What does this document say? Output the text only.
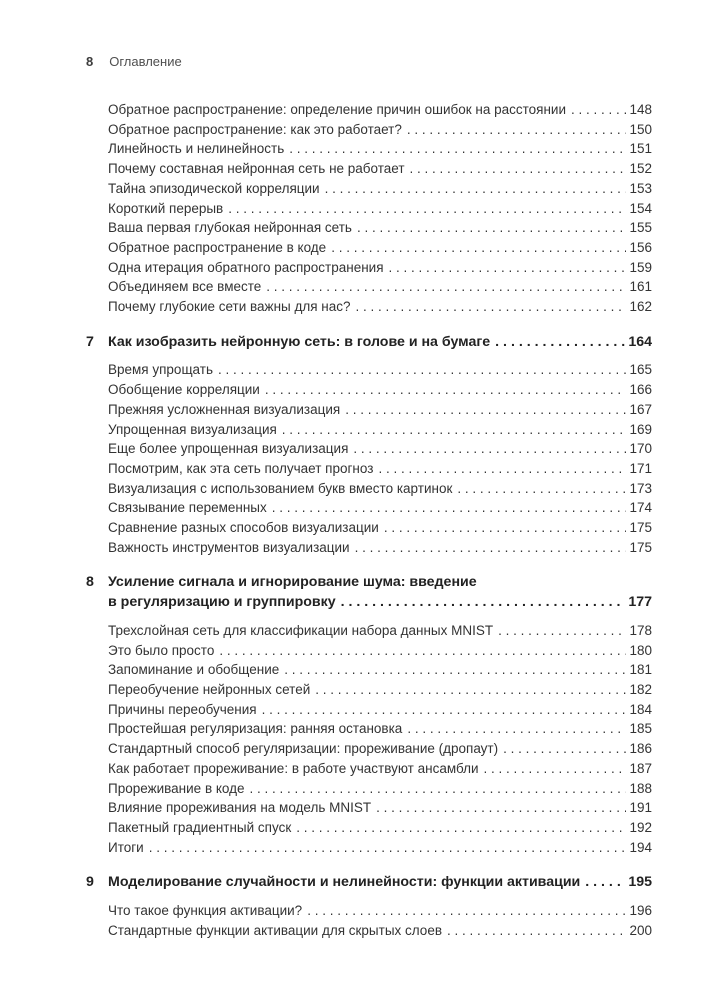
8 Оглавление
Обратное распространение: определение причин ошибок на расстоянии . . .	148
Обратное распространение: как это работает? . . .	150
Линейность и нелинейность . . .	151
Почему составная нейронная сеть не работает . . .	152
Тайна эпизодической корреляции . . .	153
Короткий перерыв . . .	154
Ваша первая глубокая нейронная сеть . . .	155
Обратное распространение в коде . . .	156
Одна итерация обратного распространения . . .	159
Объединяем все вместе . . .	161
Почему глубокие сети важны для нас? . . .	162
7 Как изобразить нейронную сеть: в голове и на бумаге . . .	164
Время упрощать . . .	165
Обобщение корреляции . . .	166
Прежняя усложненная визуализация . . .	167
Упрощенная визуализация . . .	169
Еще более упрощенная визуализация . . .	170
Посмотрим, как эта сеть получает прогноз . . .	171
Визуализация с использованием букв вместо картинок . . .	173
Связывание переменных . . .	174
Сравнение разных способов визуализации . . .	175
Важность инструментов визуализации . . .	175
8 Усиление сигнала и игнорирование шума: введение
в регуляризацию и группировку . . .	177
Трехслойная сеть для классификации набора данных MNIST . . .	178
Это было просто . . .	180
Запоминание и обобщение . . .	181
Переобучение нейронных сетей . . .	182
Причины переобучения . . .	184
Простейшая регуляризация: ранняя остановка . . .	185
Стандартный способ регуляризации: прореживание (дропаут) . . .	186
Как работает прореживание: в работе участвуют ансамбли . . .	187
Прореживание в коде . . .	188
Влияние прореживания на модель MNIST . . .	191
Пакетный градиентный спуск . . .	192
Итоги . . .	194
9 Моделирование случайности и нелинейности: функции активации . . .	195
Что такое функция активации? . . .	196
Стандартные функции активации для скрытых слоев . . .	200
